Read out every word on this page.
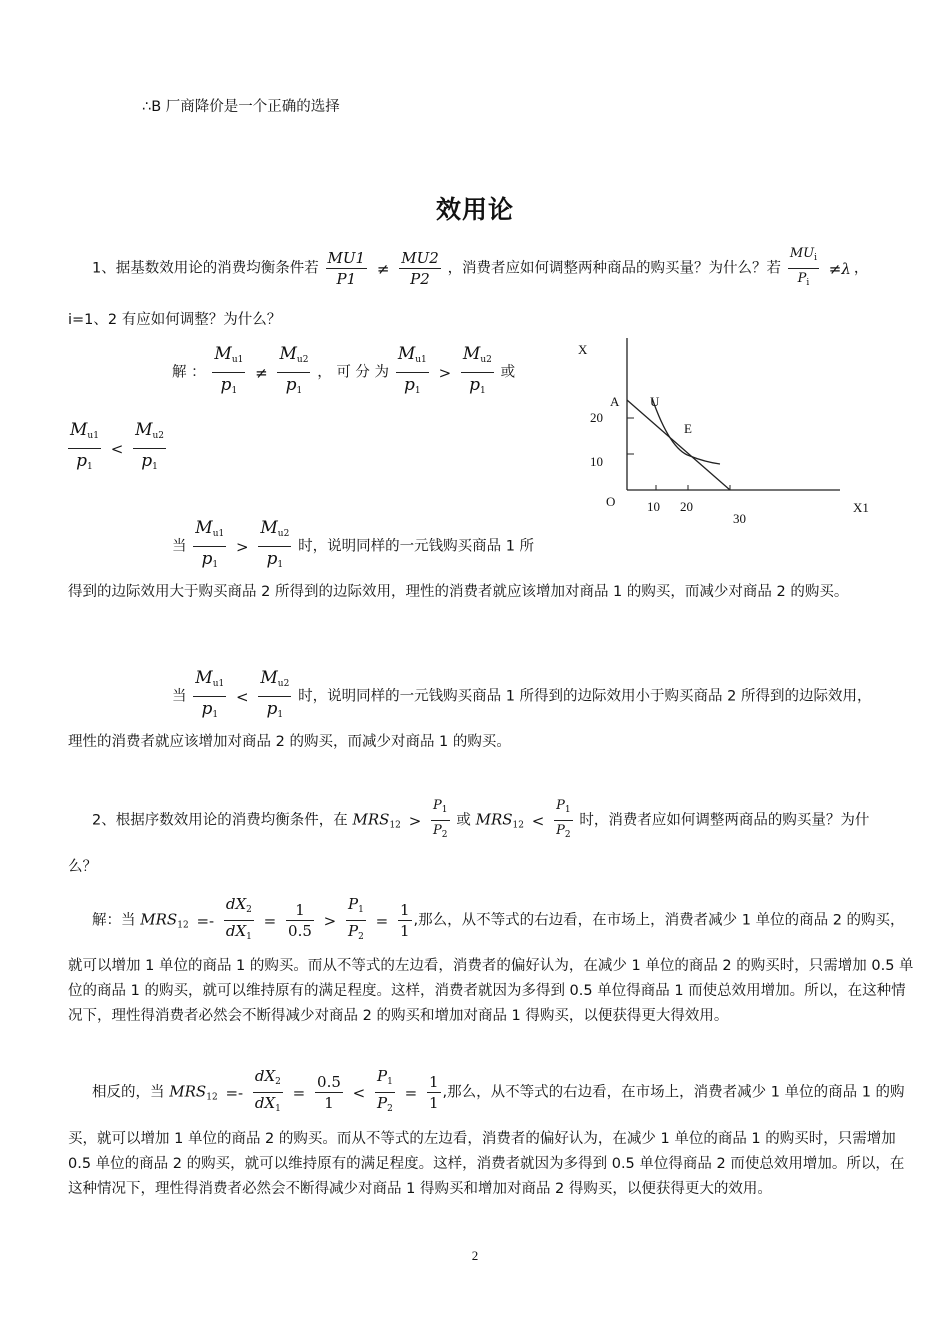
∴B 厂商降价是一个正确的选择
效用论
1、据基数效用论的消费均衡条件若 $\frac{MU1}{P1} \ne \frac{MU2}{P2}$ ，消费者应如何调整两种商品的购买量？为什么？若 $\frac{MU_i}{P_i} \ne\lambda$ ，
i=1、2 有应如何调整？为什么？
解 ： $\frac{M_{u1}}{p_1} \ne \frac{M_{u2}}{p_1}$ ， 可 分 为 $\frac{M_{u1}}{p_1} > \frac{M_{u2}}{p_1}$ 或
$\frac{M_{u1}}{p_1} < \frac{M_{u2}}{p_1}$
当 $\frac{M_{u1}}{p_1} > \frac{M_{u2}}{p_1}$ 时，说明同样的一元钱购买商品 1 所
得到的边际效用大于购买商品 2 所得到的边际效用，理性的消费者就应该增加对商品 1 的购买，而减少对商品 2 的购买。
当 $\frac{M_{u1}}{p_1} < \frac{M_{u2}}{p_1}$ 时，说明同样的一元钱购买商品 1 所得到的边际效用小于购买商品 2 所得到的边际效用，
理性的消费者就应该增加对商品 2 的购买，而减少对商品 1 的购买。
X
X1
O
A U
E
20
10
10 20
30
2、根据序数效用论的消费均衡条件，在 $MRS_{12} > \frac{P_1}{P_2}$ 或 $MRS_{12} < \frac{P_1}{P_2}$ 时，消费者应如何调整两商品的购买量？为什
么？
解：当 $MRS_{12} =- \frac{dX_2}{dX_1} = \frac{1}{0.5} > \frac{P_1}{P_2} = \frac{1}{1}$ ,那么，从不等式的右边看，在市场上，消费者减少 1 单位的商品 2 的购买，
就可以增加 1 单位的商品 1 的购买。而从不等式的左边看，消费者的偏好认为，在减少 1 单位的商品 2 的购买时，只需增加 0.5 单位的商品 1 的购买，就可以维持原有的满足程度。这样，消费者就因为多得到 0.5 单位得商品 1 而使总效用增加。所以，在这种情况下，理性得消费者必然会不断得减少对商品 2 的购买和增加对商品 1 得购买，以便获得更大得效用。
相反的，当 $MRS_{12} =- \frac{dX_2}{dX_1} = \frac{0.5}{1} < \frac{P_1}{P_2} = \frac{1}{1}$ ,那么，从不等式的右边看，在市场上，消费者减少 1 单位的商品 1 的购
买，就可以增加 1 单位的商品 2 的购买。而从不等式的左边看，消费者的偏好认为，在减少 1 单位的商品 1 的购买时，只需增加 0.5 单位的商品 2 的购买，就可以维持原有的满足程度。这样，消费者就因为多得到 0.5 单位得商品 2 而使总效用增加。所以，在这种情况下，理性得消费者必然会不断得减少对商品 1 得购买和增加对商品 2 得购买，以便获得更大的效用。
2
